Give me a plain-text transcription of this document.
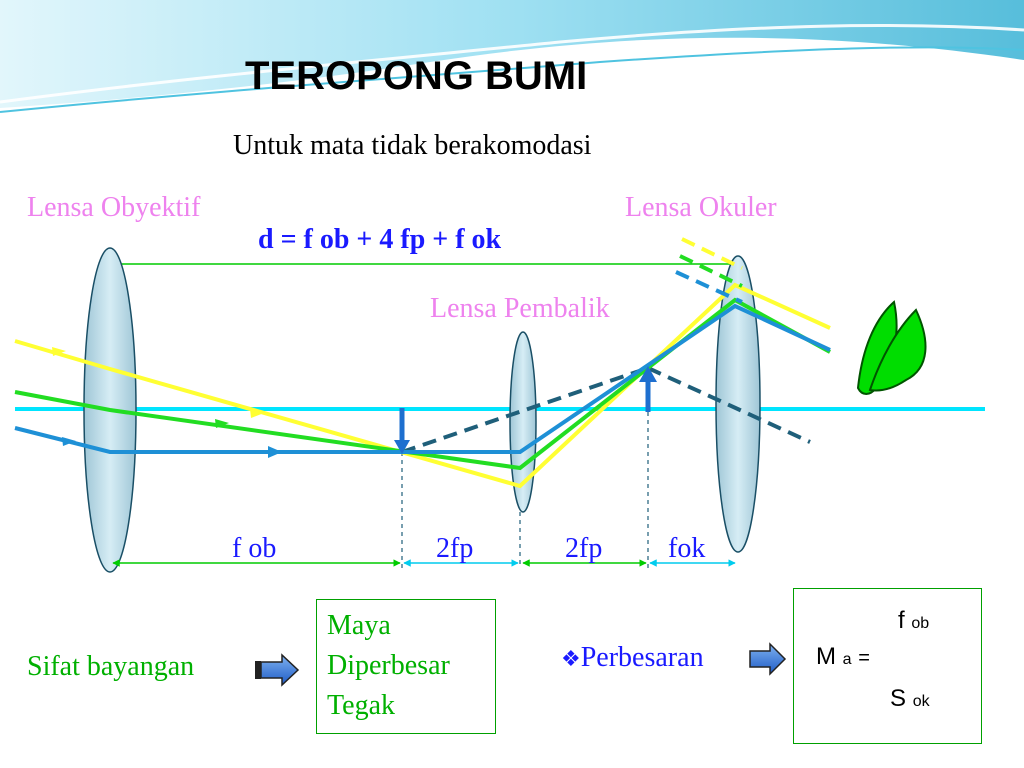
TEROPONG BUMI
Untuk mata tidak berakomodasi
Lensa Obyektif	Lensa Okuler
Lensa Pembalik
d = f ob + 4 fp + f ok
f ob	2fp	2fp fok
Sifat bayangan
Maya
Diperbesar
Tegak
❖Perbesaran
f ob
M a =
S ok
